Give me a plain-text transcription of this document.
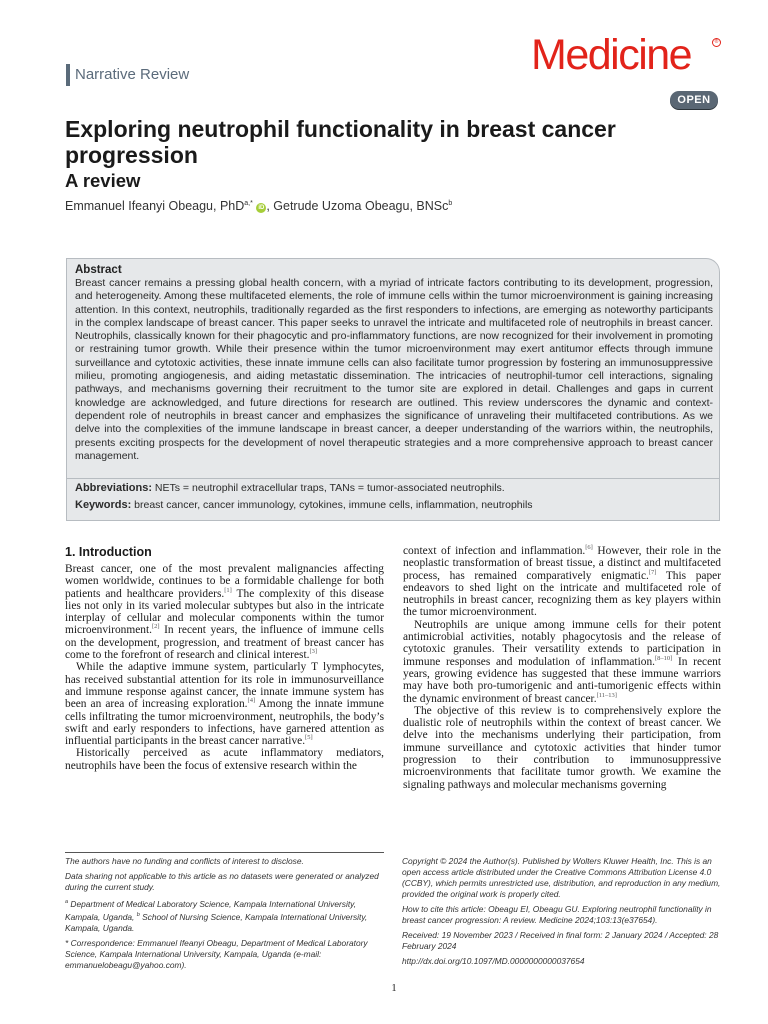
Narrative Review	Medicine	®
OPEN
Exploring neutrophil functionality in breast cancer progression
A review
Emmanuel Ifeanyi Obeagu, PhD$^{a,*}$ iD , Getrude Uzoma Obeagu, BNSc$^b$
Abstract
Breast cancer remains a pressing global health concern, with a myriad of intricate factors contributing to its development, progression, and heterogeneity. Among these multifaceted elements, the role of immune cells within the tumor microenvironment is gaining increasing attention. In this context, neutrophils, traditionally regarded as the first responders to infections, are emerging as noteworthy participants in the complex landscape of breast cancer. This paper seeks to unravel the intricate and multifaceted role of neutrophils in breast cancer. Neutrophils, classically known for their phagocytic and pro-inflammatory functions, are now recognized for their involvement in promoting or restraining tumor growth. While their presence within the tumor microenvironment may exert antitumor effects through immune surveillance and cytotoxic activities, these innate immune cells can also facilitate tumor progression by fostering an immunosuppressive milieu, promoting angiogenesis, and aiding metastatic dissemination. The intricacies of neutrophil-tumor cell interactions, signaling pathways, and mechanisms governing their recruitment to the tumor site are explored in detail. Challenges and gaps in current knowledge are acknowledged, and future directions for research are outlined. This review underscores the dynamic and context-dependent role of neutrophils in breast cancer and emphasizes the significance of unraveling their multifaceted contributions. As we delve into the complexities of the immune landscape in breast cancer, a deeper understanding of the warriors within, the neutrophils, presents exciting prospects for the development of novel therapeutic strategies and a more comprehensive approach to breast cancer management.
Abbreviations: NETs = neutrophil extracellular traps, TANs = tumor-associated neutrophils.
Keywords: breast cancer, cancer immunology, cytokines, immune cells, inflammation, neutrophils
1. Introduction

Breast cancer, one of the most prevalent malignancies affecting women worldwide, continues to be a formidable challenge for both patients and healthcare providers.[1] The complexity of this disease lies not only in its varied molecular subtypes but also in the intricate interplay of cellular and molecular components within the tumor microenvironment.[2] In recent years, the influence of immune cells on the development, progression, and treatment of breast cancer has come to the forefront of research and clinical interest.[3]

While the adaptive immune system, particularly T lymphocytes, has received substantial attention for its role in immunosurveillance and immune response against cancer, the innate immune system has been an area of increasing exploration.[4] Among the innate immune cells infiltrating the tumor microenvironment, neutrophils, the body’s swift and early responders to infections, have garnered attention as influential participants in the breast cancer narrative.[5]

Historically perceived as acute inflammatory mediators, neutrophils have been the focus of extensive research within the

context of infection and inflammation.[6] However, their role in the neoplastic transformation of breast tissue, a distinct and multifaceted process, has remained comparatively enigmatic.[7] This paper endeavors to shed light on the intricate and multifaceted role of neutrophils in breast cancer, recognizing them as key players within the tumor microenvironment.

Neutrophils are unique among immune cells for their potent antimicrobial activities, notably phagocytosis and the release of cytotoxic granules. Their versatility extends to participation in immune responses and modulation of inflammation.[8–10] In recent years, growing evidence has suggested that these immune warriors may have both pro-tumorigenic and anti-tumorigenic effects within the dynamic environment of breast cancer.[11–13]

The objective of this review is to comprehensively explore the dualistic role of neutrophils within the context of breast cancer. We delve into the mechanisms underlying their participation, from immune surveillance and cytotoxic activities that hinder tumor progression to their contribution to immunosuppressive microenvironments that facilitate tumor growth. We examine the signaling pathways and molecular mechanisms governing

The authors have no funding and conflicts of interest to disclose.

Data sharing not applicable to this article as no datasets were generated or analyzed during the current study.

$^a$ Department of Medical Laboratory Science, Kampala International University, Kampala, Uganda, $^b$ School of Nursing Science, Kampala International University, Kampala, Uganda.

* Correspondence: Emmanuel Ifeanyi Obeagu, Department of Medical Laboratory Science, Kampala International University, Kampala, Uganda (e-mail: emmanuelobeagu@yahoo.com).

Copyright © 2024 the Author(s). Published by Wolters Kluwer Health, Inc. This is an open access article distributed under the Creative Commons Attribution License 4.0 (CCBY), which permits unrestricted use, distribution, and reproduction in any medium, provided the original work is properly cited.

How to cite this article: Obeagu EI, Obeagu GU. Exploring neutrophil functionality in breast cancer progression: A review. Medicine 2024;103:13(e37654).

Received: 19 November 2023 / Received in final form: 2 January 2024 / Accepted: 28 February 2024

http://dx.doi.org/10.1097/MD.0000000000037654

1
